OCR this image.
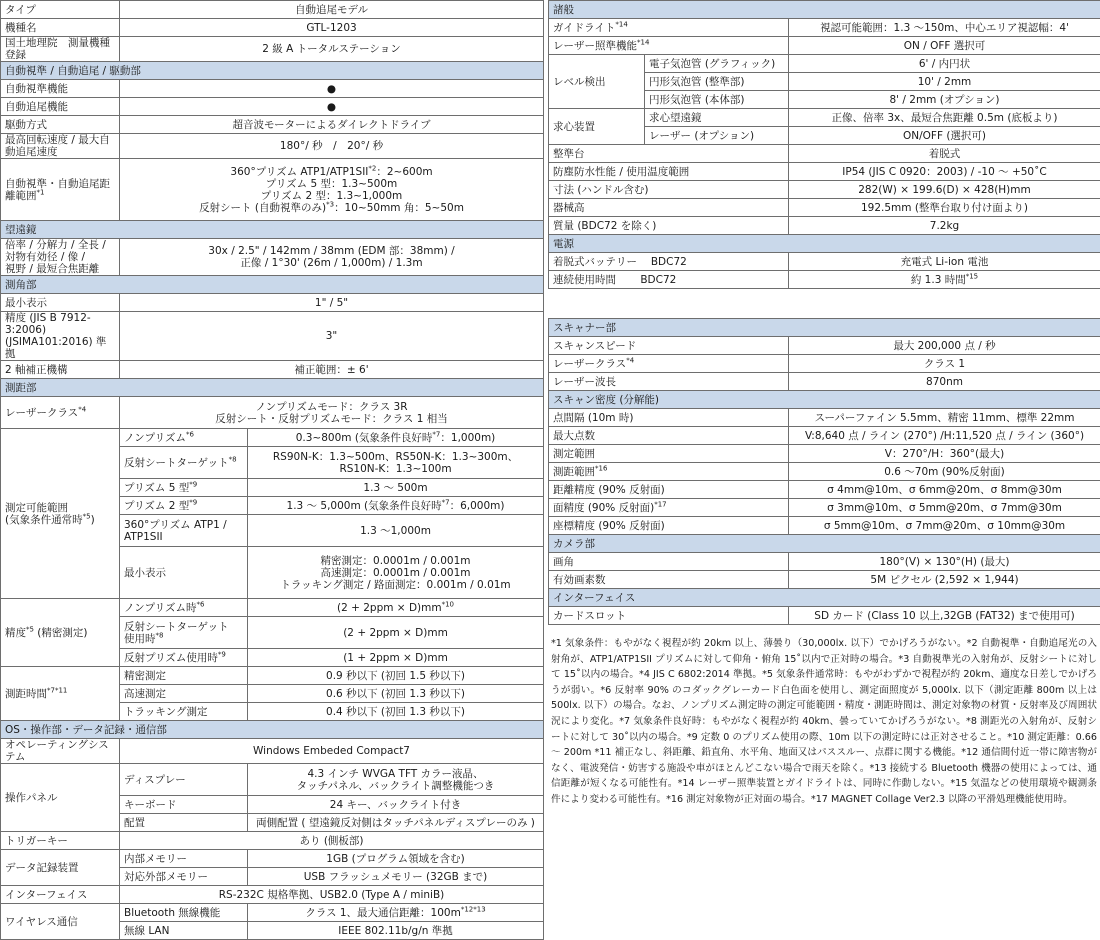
タイプ	自動追尾モデル	
機種名	GTL-1203	
国土地理院　測量機種登録	2 級 A トータルステーション	
自動視準 / 自動追尾 / 駆動部		
自動視準機能	●	
自動追尾機能	●	
駆動方式	超音波モーターによるダイレクトドライブ	
最高回転速度 / 最大自動追尾速度	180°/ 秒　/　20°/ 秒	
自動視準・自動追尾距離範囲$^{*1}$	360°プリズム ATP1/ATP1SII$^{*2}$：2~600m
プリズム 5 型：1.3~500m
プリズム 2 型：1.3~1,000m
反射シート (自動視準のみ)$^{*3}$：10~50mm 角：5~50m	
望遠鏡		
倍率 / 分解力 / 全長 / 対物有効径 / 像 /
視野 / 最短合焦距離	30x / 2.5" / 142mm / 38mm (EDM 部：38mm) /
正像 / 1°30' (26m / 1,000m) / 1.3m	
測角部		
最小表示	1" / 5"	
精度 (JIS B 7912-3:2006) (JSIMA101:2016) 準拠	3"	
2 軸補正機構	補正範囲：± 6'	
測距部		
レーザークラス$^{*4}$	ノンプリズムモード：クラス 3R
反射シート・反射プリズムモード：クラス 1 相当	
測定可能範囲
(気象条件通常時$^{*5}$)	ノンプリズム$^{*6}$	0.3~800m (気象条件良好時$^{*7}$：1,000m)
	反射シートターゲット$^{*8}$	RS90N-K：1.3~500m、RS50N-K：1.3~300m、
RS10N-K：1.3~100m
	プリズム 5 型$^{*9}$	1.3 ～ 500m
	プリズム 2 型$^{*9}$	1.3 ～ 5,000m (気象条件良好時$^{*7}$：6,000m)
	360°プリズム ATP1 /
ATP1SII	1.3 ～1,000m
	最小表示	精密測定：0.0001m / 0.001m
高速測定：0.0001m / 0.001m
トラッキング測定 / 路面測定：0.001m / 0.01m
精度$^{*5}$ (精密測定)	ノンプリズム時$^{*6}$	$(2 + 2ppm \times D)mm^{*10}$
	反射シートターゲット
使用時$^{*8}$	(2 + 2ppm × D)mm
	反射プリズム使用時$^{*9}$	(1 + 2ppm × D)mm
測距時間$^{*7*11}$	精密測定	0.9 秒以下 (初回 1.5 秒以下)
	高速測定	0.6 秒以下 (初回 1.3 秒以下)
	トラッキング測定	0.4 秒以下 (初回 1.3 秒以下)
OS・操作部・データ記録・通信部		
オペレーティングシステム	Windows Embeded Compact7	
操作パネル	ディスプレー	4.3 インチ WVGA TFT カラー液晶、
タッチパネル、バックライト調整機能つき
	キーボード	24 キー、バックライト付き
	配置	両側配置 ( 望遠鏡反対側はタッチパネルディスプレーのみ )
トリガーキー	あり (側板部)	
データ記録装置	内部メモリー	1GB (プログラム領域を含む)
	対応外部メモリー	USB フラッシュメモリー (32GB まで)
インターフェイス	RS-232C 規格準拠、USB2.0 (Type A / miniB)	
ワイヤレス通信	Bluetooth 無線機能	クラス 1、最大通信距離：$100m^{*12*13}$
	無線 LAN	IEEE 802.11b/g/n 準拠
諸般		
ガイドライト$^{*14}$		視認可能範囲：1.3 ～150m、中心エリア視認幅：4'
レーザー照準機能$^{*14}$		ON / OFF 選択可
レベル検出	電子気泡管 (グラフィック)	6' / 内円状
	円形気泡管 (整準部)	10' / 2mm
	円形気泡管 (本体部)	8' / 2mm (オプション)
求心装置	求心望遠鏡	正像、倍率 3x、最短合焦距離 0.5m (底板より)
	レーザー (オプション)	ON/OFF (選択可)
整準台		着脱式
防塵防水性能 / 使用温度範囲		IP54 (JIS C 0920：2003) / -10 ～ +50˚C
寸法 (ハンドル含む)		282(W) × 199.6(D) × 428(H)mm
器械高		192.5mm (整準台取り付け面より)
質量 (BDC72 を除く)		7.2kg
電源		
着脱式バッテリー　 BDC72		充電式 Li-ion 電池
連続使用時間　　 BDC72		約 1.3 時間$^{*15}$
スキャナー部	
スキャンスピード	最大 200,000 点 / 秒
レーザークラス$^{*4}$	クラス 1
レーザー波長	870nm
スキャン密度 (分解能)	
点間隔 (10m 時)	スーパーファイン 5.5mm、精密 11mm、標準 22mm
最大点数	V:8,640 点 / ライン (270°) /H:11,520 点 / ライン (360°)
測定範囲	V：270°/H：360°(最大)
測距範囲$^{*16}$	0.6 ～70m (90%反射面)
距離精度 (90% 反射面)	σ 4mm@10m、σ 6mm@20m、σ 8mm@30m
面精度 (90% 反射面)$^{*17}$	σ 3mm@10m、σ 5mm@20m、σ 7mm@30m
座標精度 (90% 反射面)	σ 5mm@10m、σ 7mm@20m、σ 10mm@30m
カメラ部	
画角	180°(V) × 130°(H) (最大)
有効画素数	5M ピクセル (2,592 × 1,944)
インターフェイス	
カードスロット	SD カード (Class 10 以上,32GB (FAT32) まで使用可)
*1 気象条件：もやがなく視程が約 20km 以上、薄曇り（30,000lx. 以下）でかげろうがない。*2 自動視準・自動追尾光の入射角が、ATP1/ATP1SII プリズムに対して仰角・俯角 15˚以内で正対時の場合。*3 自動視準光の入射角が、反射シートに対して 15˚以内の場合。*4 JIS C 6802:2014 準拠。*5 気象条件通常時：もやがわずかで視程が約 20km、適度な日差しでかげろうが弱い。*6 反射率 90% のコダックグレーカード白色面を使用し、測定面照度が 5,000lx. 以下（測定距離 800m 以上は 500lx. 以下）の場合。なお、ノンプリズム測定時の測定可能範囲・精度・測距時間は、測定対象物の材質・反射率及び周囲状況により変化。*7 気象条件良好時：もやがなく視程が約 40km、曇っていてかげろうがない。*8 測距光の入射角が、反射シートに対して 30˚以内の場合。*9 定数 0 のプリズム使用の際、10m 以下の測定時には正対させること。*10 測定距離：0.66 ～ 200m *11 補正なし、斜距離、鉛直角、水平角、地面又はパススルー、点群に関する機能。*12 通信間付近一帯に障害物がなく、電波発信・妨害する施設や車がほとんどこない場合で雨天を除く。*13 接続する Bluetooth 機器の使用によっては、通信距離が短くなる可能性有。*14 レーザー照準装置とガイドライトは、同時に作動しない。*15 気温などの使用環境や観測条件により変わる可能性有。*16 測定対象物が正対面の場合。*17 MAGNET Collage Ver2.3 以降の平滑処理機能使用時。
